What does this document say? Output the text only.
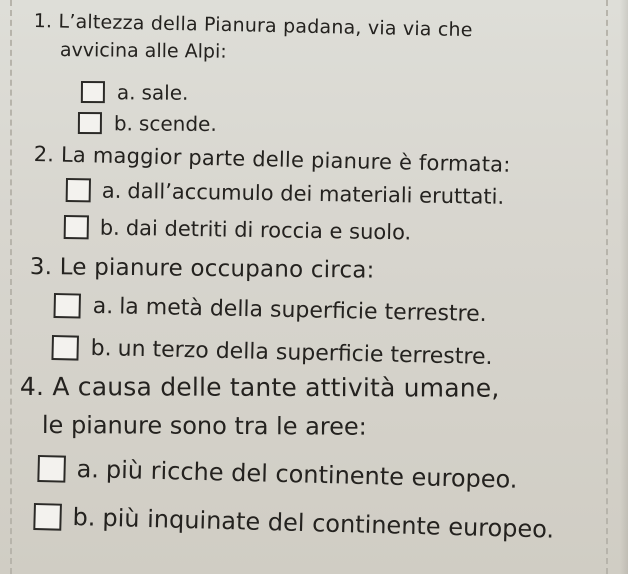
1. L’altezza della Pianura padana, via via che
avvicina alle Alpi:
a. sale.
b. scende.
2. La maggior parte delle pianure è formata:
a. dall’accumulo dei materiali eruttati.
b. dai detriti di roccia e suolo.
3. Le pianure occupano circa:
a. la metà della superficie terrestre.
b. un terzo della superficie terrestre.
4. A causa delle tante attività umane,
le pianure sono tra le aree:
a. più ricche del continente europeo.
b. più inquinate del continente europeo.
